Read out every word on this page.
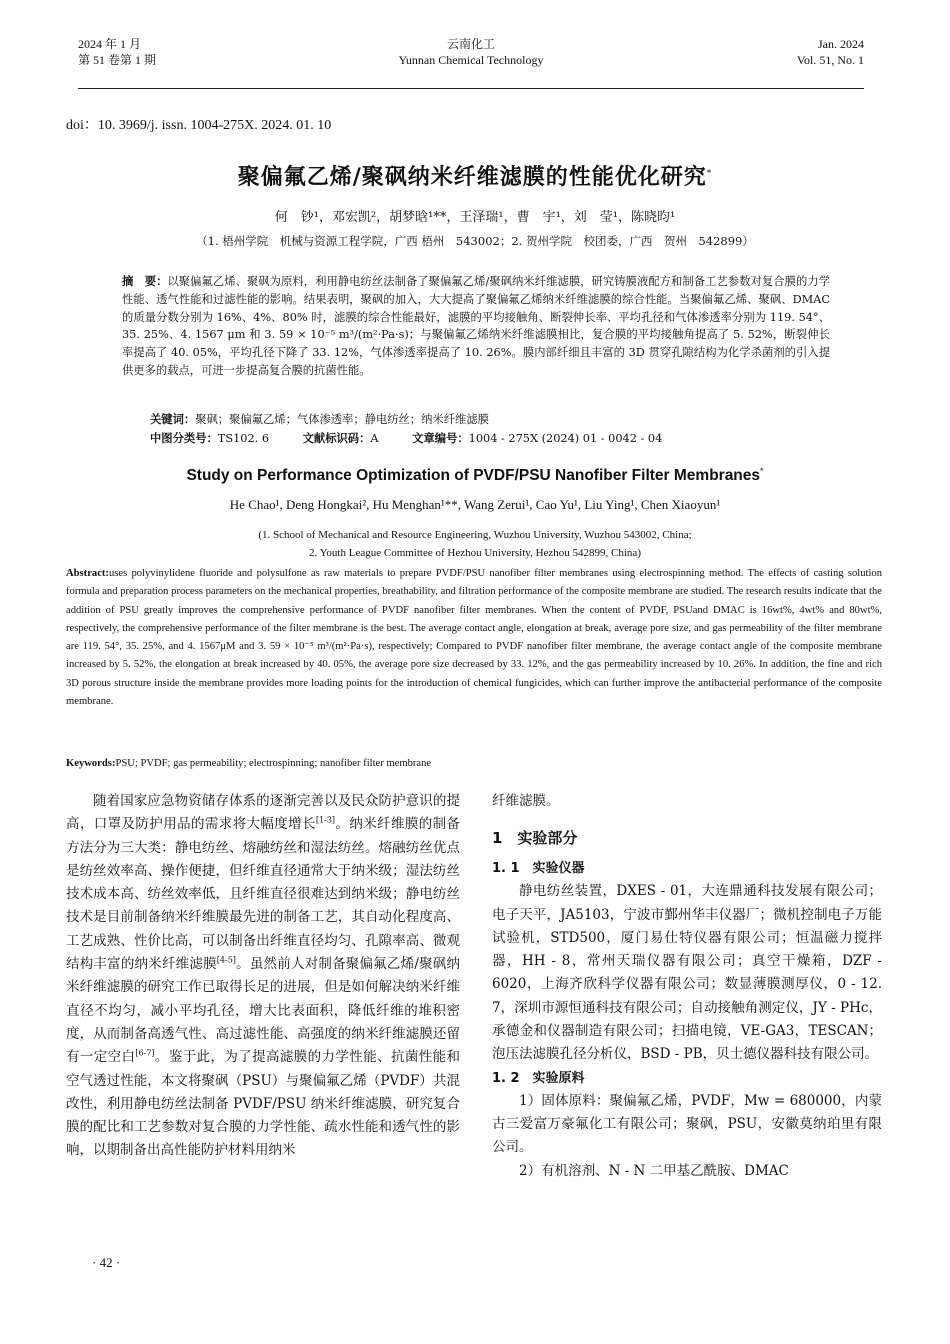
2024 年 1 月
第 51 卷第 1 期
云南化工
Yunnan Chemical Technology
Jan. 2024
Vol. 51, No. 1
doi：10. 3969/j. issn. 1004-275X. 2024. 01. 10
聚偏氟乙烯/聚砜纳米纤维滤膜的性能优化研究*
何　钞¹，邓宏凯²，胡梦晗¹**，王泽瑞¹，曹　宇¹，刘　莹¹，陈晓昀¹
（1. 梧州学院　机械与资源工程学院，广西 梧州　543002；2. 贺州学院　校团委，广西　贺州　542899）
摘　要：以聚偏氟乙烯、聚砜为原料，利用静电纺丝法制备了聚偏氟乙烯/聚砜纳米纤维滤膜，研究铸膜液配方和制备工艺参数对复合膜的力学性能、透气性能和过滤性能的影响。结果表明，聚砜的加入，大大提高了聚偏氟乙烯纳米纤维滤膜的综合性能。当聚偏氟乙烯、聚砜、DMAC 的质量分数分别为 16%、4%、80% 时，滤膜的综合性能最好，滤膜的平均接触角、断裂伸长率、平均孔径和气体渗透率分别为 119. 54°、35. 25%、4. 1567 μm 和 3. 59 × 10⁻⁵ m³/(m²·Pa·s)；与聚偏氟乙烯纳米纤维滤膜相比，复合膜的平均接触角提高了 5. 52%，断裂伸长率提高了 40. 05%，平均孔径下降了 33. 12%，气体渗透率提高了 10. 26%。膜内部纤细且丰富的 3D 贯穿孔隙结构为化学杀菌剂的引入提供更多的载点，可进一步提高复合膜的抗菌性能。
关键词：聚砜；聚偏氟乙烯；气体渗透率；静电纺丝；纳米纤维滤膜
中图分类号：TS102. 6	文献标识码：A	文章编号：1004 - 275X (2024) 01 - 0042 - 04
Study on Performance Optimization of PVDF/PSU Nanofiber Filter Membranes*
He Chao¹, Deng Hongkai², Hu Menghan¹**, Wang Zerui¹, Cao Yu¹, Liu Ying¹, Chen Xiaoyun¹
(1. School of Mechanical and Resource Engineering, Wuzhou University, Wuzhou 543002, China;
2. Youth League Committee of Hezhou University, Hezhou 542899, China)
Abstract:uses polyvinylidene fluoride and polysulfone as raw materials to prepare PVDF/PSU nanofiber filter membranes using electrospinning method. The effects of casting solution formula and preparation process parameters on the mechanical properties, breathability, and filtration performance of the composite membrane are studied. The research results indicate that the addition of PSU greatly improves the comprehensive performance of PVDF nanofiber filter membranes. When the content of PVDF, PSUand DMAC is 16wt%, 4wt% and 80wt%, respectively, the comprehensive performance of the filter membrane is the best. The average contact angle, elongation at break, average pore size, and gas permeability of the filter membrane are 119. 54°, 35. 25%, and 4. 1567μM and 3. 59 × 10⁻⁵ m³/(m²·Pa·s), respectively; Compared to PVDF nanofiber filter membrane, the average contact angle of the composite membrane increased by 5. 52%, the elongation at break increased by 40. 05%, the average pore size decreased by 33. 12%, and the gas permeability increased by 10. 26%. In addition, the fine and rich 3D porous structure inside the membrane provides more loading points for the introduction of chemical fungicides, which can further improve the antibacterial performance of the composite membrane.
Keywords:PSU; PVDF; gas permeability; electrospinning; nanofiber filter membrane

随着国家应急物资储存体系的逐渐完善以及民众防护意识的提高，口罩及防护用品的需求将大幅度增长[1-3]。纳米纤维膜的制备方法分为三大类：静电纺丝、熔融纺丝和湿法纺丝。熔融纺丝优点是纺丝效率高、操作便捷，但纤维直径通常大于纳米级；湿法纺丝技术成本高、纺丝效率低，且纤维直径很难达到纳米级；静电纺丝技术是目前制备纳米纤维膜最先进的制备工艺，其自动化程度高、工艺成熟、性价比高，可以制备出纤维直径均匀、孔隙率高、微观结构丰富的纳米纤维滤膜[4-5]。虽然前人对制备聚偏氟乙烯/聚砜纳米纤维滤膜的研究工作已取得长足的进展，但是如何解决纳米纤维直径不均匀，减小平均孔径，增大比表面积，降低纤维的堆积密度，从而制备高透气性、高过滤性能、高强度的纳米纤维滤膜还留有一定空白[6-7]。鉴于此，为了提高滤膜的力学性能、抗菌性能和空气透过性能，本文将聚砜（PSU）与聚偏氟乙烯（PVDF）共混改性，利用静电纺丝法制备 PVDF/PSU 纳米纤维滤膜，研究复合膜的配比和工艺参数对复合膜的力学性能、疏水性能和透气性的影响，以期制备出高性能防护材料用纳米

纤维滤膜。

1　实验部分
1. 1　实验仪器

静电纺丝装置，DXES - 01，大连鼎通科技发展有限公司；电子天平，JA5103，宁波市鄞州华丰仪器厂；微机控制电子万能试验机，STD500，厦门易仕特仪器有限公司；恒温磁力搅拌器，HH - 8，常州天瑞仪器有限公司；真空干燥箱，DZF - 6020，上海齐欣科学仪器有限公司；数显薄膜测厚仪，0 - 12. 7，深圳市源恒通科技有限公司；自动接触角测定仪，JY - PHc，承德金和仪器制造有限公司；扫描电镜，VE-GA3，TESCAN；泡压法滤膜孔径分析仪，BSD - PB，贝士德仪器科技有限公司。

1. 2　实验原料

1）固体原料：聚偏氟乙烯，PVDF，Mw = 680000，内蒙古三爱富万豪氟化工有限公司；聚砜，PSU，安徽莫纳珀里有限公司。

2）有机溶剂、N - N 二甲基乙酰胺、DMAC

· 42 ·
